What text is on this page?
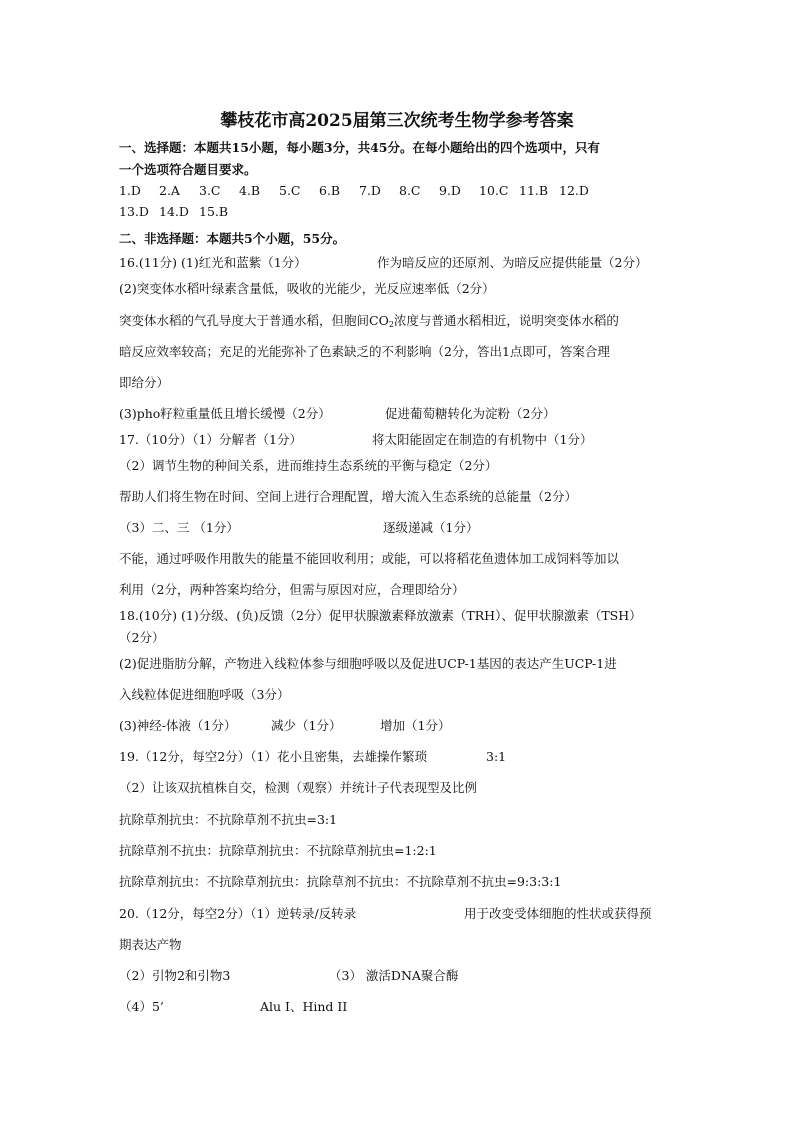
攀枝花市高2025届第三次统考生物学参考答案
一、选择题：本题共15小题，每小题3分，共45分。在每小题给出的四个选项中，只有
一个选项符合题目要求。
1.D 2.A 3.C 4.B 5.C 6.B 7.D 8.C 9.D 10.C 11.B 12.D
13.D 14.D 15.B
二、非选择题：本题共5个小题，55分。
16.(11分) (1)红光和蓝紫（1分）	作为暗反应的还原剂、为暗反应提供能量（2分）
(2)突变体水稻叶绿素含量低，吸收的光能少，光反应速率低（2分）
突变体水稻的气孔导度大于普通水稻，但胞间$CO_2$浓度与普通水稻相近，说明突变体水稻的
暗反应效率较高；充足的光能弥补了色素缺乏的不利影响（2分，答出1点即可，答案合理
即给分）
(3)pho籽粒重量低且增长缓慢（2分）	促进葡萄糖转化为淀粉（2分）
17.（10分）（1）分解者（1分）	将太阳能固定在制造的有机物中（1分）
（2）调节生物的种间关系，进而维持生态系统的平衡与稳定（2分）
帮助人们将生物在时间、空间上进行合理配置，增大流入生态系统的总能量（2分）
（3）二、三 （1分）	逐级递减（1分）
不能，通过呼吸作用散失的能量不能回收利用；或能，可以将稻花鱼遗体加工成饲料等加以
利用（2分，两种答案均给分，但需与原因对应，合理即给分）
18.(10分) (1)分级、(负)反馈（2分）促甲状腺激素释放激素（TRH）、促甲状腺激素（TSH）
（2分）
(2)促进脂肪分解，产物进入线粒体参与细胞呼吸以及促进UCP-1基因的表达产生UCP-1进
入线粒体促进细胞呼吸（3分）
(3)神经-体液（1分）	减少（1分）	增加（1分）
19.（12分，每空2分）（1）花小且密集，去雄操作繁琐	3:1
（2）让该双抗植株自交，检测（观察）并统计子代表现型及比例
抗除草剂抗虫：不抗除草剂不抗虫=3:1
抗除草剂不抗虫：抗除草剂抗虫：不抗除草剂抗虫=1:2:1
抗除草剂抗虫：不抗除草剂抗虫：抗除草剂不抗虫：不抗除草剂不抗虫=9:3:3:1
20.（12分，每空2分）（1）逆转录/反转录	用于改变受体细胞的性状或获得预
期表达产物
（2）引物2和引物3	（3） 激活DNA聚合酶
（4）5’	Alu I、Hind II
